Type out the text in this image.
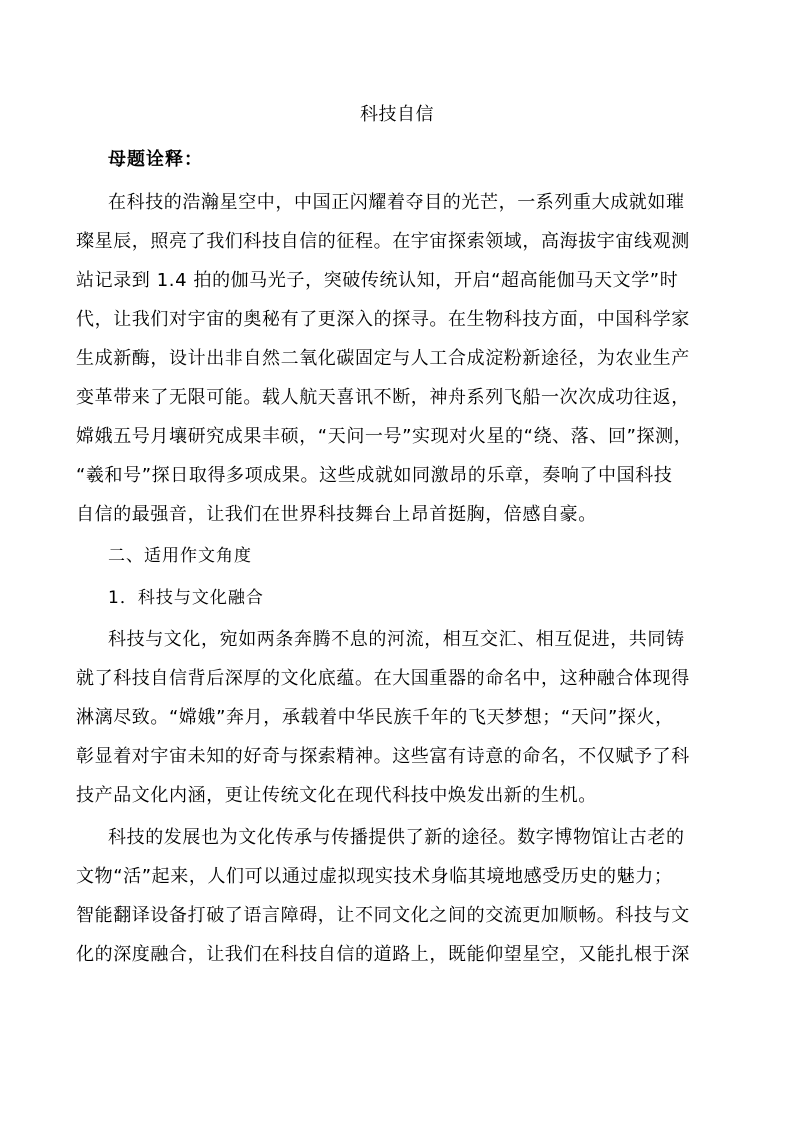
科技自信
母题诠释：
在科技的浩瀚星空中，中国正闪耀着夺目的光芒，一系列重大成就如璀
璨星辰，照亮了我们科技自信的征程。在宇宙探索领域，高海拔宇宙线观测
站记录到 1.4 拍的伽马光子，突破传统认知，开启“超高能伽马天文学”时
代，让我们对宇宙的奥秘有了更深入的探寻。在生物科技方面，中国科学家
生成新酶，设计出非自然二氧化碳固定与人工合成淀粉新途径，为农业生产
变革带来了无限可能。载人航天喜讯不断，神舟系列飞船一次次成功往返，
嫦娥五号月壤研究成果丰硕，“天问一号”实现对火星的“绕、落、回”探测，
“羲和号”探日取得多项成果。这些成就如同激昂的乐章，奏响了中国科技
自信的最强音，让我们在世界科技舞台上昂首挺胸，倍感自豪。
二、适用作文角度
1．科技与文化融合
科技与文化，宛如两条奔腾不息的河流，相互交汇、相互促进，共同铸
就了科技自信背后深厚的文化底蕴。在大国重器的命名中，这种融合体现得
淋漓尽致。“嫦娥”奔月，承载着中华民族千年的飞天梦想；“天问”探火，
彰显着对宇宙未知的好奇与探索精神。这些富有诗意的命名，不仅赋予了科
技产品文化内涵，更让传统文化在现代科技中焕发出新的生机。
科技的发展也为文化传承与传播提供了新的途径。数字博物馆让古老的
文物“活”起来，人们可以通过虚拟现实技术身临其境地感受历史的魅力；
智能翻译设备打破了语言障碍，让不同文化之间的交流更加顺畅。科技与文
化的深度融合，让我们在科技自信的道路上，既能仰望星空，又能扎根于深
